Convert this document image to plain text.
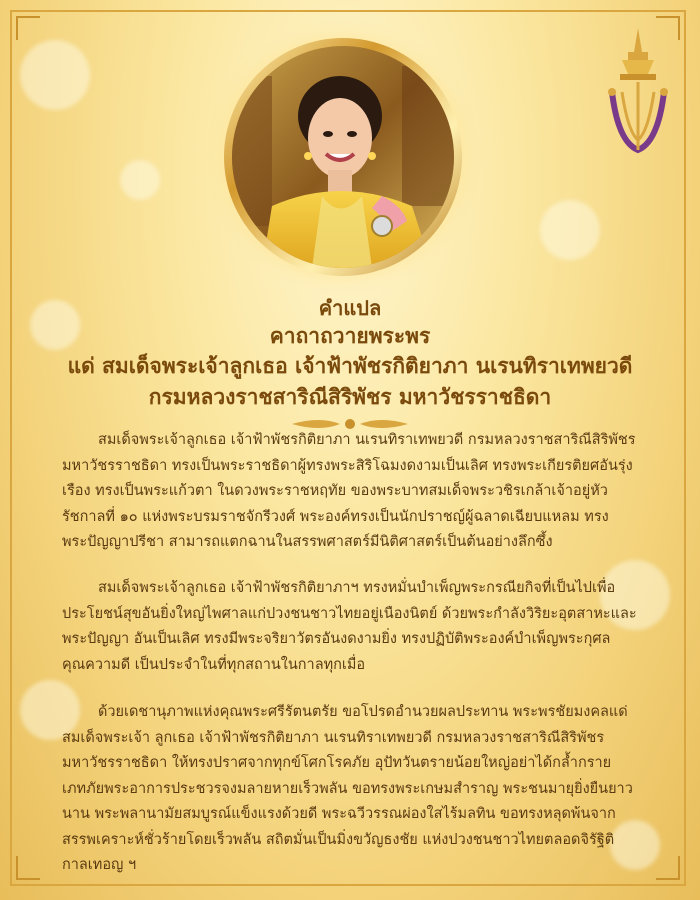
คำแปล
คาถาถวายพระพร
แด่ สมเด็จพระเจ้าลูกเธอ เจ้าฟ้าพัชรกิติยาภา นเรนทิราเทพยวดี
กรมหลวงราชสาริณีสิริพัชร มหาวัชรราชธิดา
สมเด็จพระเจ้าลูกเธอ เจ้าฟ้าพัชรกิติยาภา นเรนทิราเทพยวดี กรมหลวงราชสาริณีสิริพัชร
มหาวัชรราชธิดา ทรงเป็นพระราชธิดาผู้ทรงพระสิริโฉมงดงามเป็นเลิศ ทรงพระเกียรติยศอันรุ่ง
เรือง ทรงเป็นพระแก้วตา ในดวงพระราชหฤทัย ของพระบาทสมเด็จพระวชิรเกล้าเจ้าอยู่หัว
รัชกาลที่ ๑๐ แห่งพระบรมราชจักรีวงศ์ พระองค์ทรงเป็นนักปราชญ์ผู้ฉลาดเฉียบแหลม ทรง
พระปัญญาปรีชา สามารถแตกฉานในสรรพศาสตร์มีนิติศาสตร์เป็นต้นอย่างลึกซึ้ง
สมเด็จพระเจ้าลูกเธอ เจ้าฟ้าพัชรกิติยาภาฯ ทรงหมั่นบำเพ็ญพระกรณียกิจที่เป็นไปเพื่อ
ประโยชน์สุขอันยิ่งใหญ่ไพศาลแก่ปวงชนชาวไทยอยู่เนืองนิตย์ ด้วยพระกำลังวิริยะอุตสาหะและ
พระปัญญา อันเป็นเลิศ ทรงมีพระจริยาวัตรอันงดงามยิ่ง ทรงปฏิบัติพระองค์บำเพ็ญพระกุศล
คุณความดี เป็นประจำในที่ทุกสถานในกาลทุกเมื่อ
ด้วยเดชานุภาพแห่งคุณพระศรีรัตนตรัย ขอโปรดอำนวยผลประทาน พระพรชัยมงคลแด่
สมเด็จพระเจ้า ลูกเธอ เจ้าฟ้าพัชรกิติยาภา นเรนทิราเทพยวดี กรมหลวงราชสาริณีสิริพัชร
มหาวัชรราชธิดา ให้ทรงปราศจากทุกข์โศกโรคภัย อุปัทวันตรายน้อยใหญ่อย่าได้กล้ำกราย
เภทภัยพระอาการประชวรจงมลายหายเร็วพลัน ขอทรงพระเกษมสำราญ พระชนมายุยิ่งยืนยาว
นาน พระพลานามัยสมบูรณ์แข็งแรงด้วยดี พระฉวีวรรณผ่องใสไร้มลทิน ขอทรงหลุดพ้นจาก
สรรพเคราะห์ชั่วร้ายโดยเร็วพลัน สถิตมั่นเป็นมิ่งขวัญธงชัย แห่งปวงชนชาวไทยตลอดจิรัฐิติ
กาลเทอญ ฯ
